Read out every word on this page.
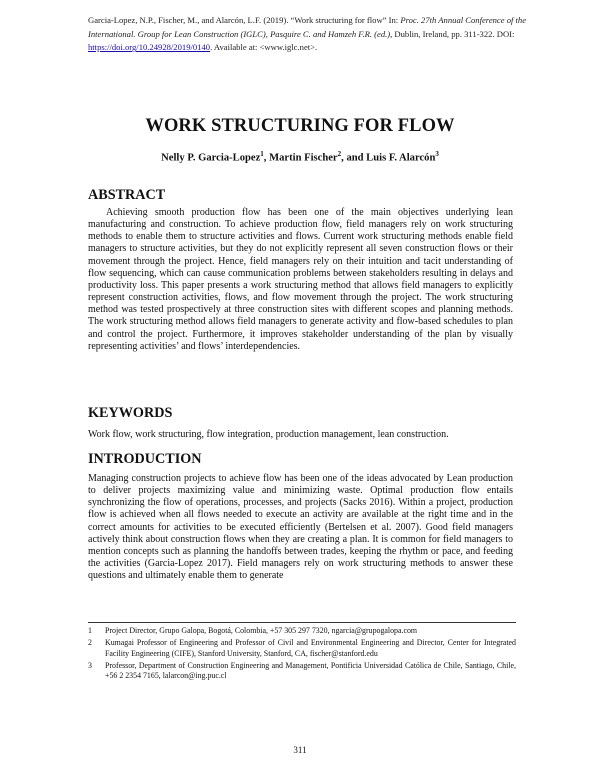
Garcia-Lopez, N.P., Fischer, M., and Alarcón, L.F. (2019). “Work structuring for flow” In: Proc. 27th Annual Conference of the International. Group for Lean Construction (IGLC), Pasquire C. and Hamzeh F.R. (ed.), Dublin, Ireland, pp. 311-322. DOI: https://doi.org/10.24928/2019/0140. Available at: <www.iglc.net>.
WORK STRUCTURING FOR FLOW
Nelly P. Garcia-Lopez$^1$, Martin Fischer$^2$, and Luis F. Alarcón$^3$
ABSTRACT
Achieving smooth production flow has been one of the main objectives underlying lean manufacturing and construction. To achieve production flow, field managers rely on work structuring methods to enable them to structure activities and flows. Current work structuring methods enable field managers to structure activities, but they do not explicitly represent all seven construction flows or their movement through the project. Hence, field managers rely on their intuition and tacit understanding of flow sequencing, which can cause communication problems between stakeholders resulting in delays and productivity loss. This paper presents a work structuring method that allows field managers to explicitly represent construction activities, flows, and flow movement through the project. The work structuring method was tested prospectively at three construction sites with different scopes and planning methods. The work structuring method allows field managers to generate activity and flow-based schedules to plan and control the project. Furthermore, it improves stakeholder understanding of the plan by visually representing activities’ and flows’ interdependencies.
KEYWORDS
Work flow, work structuring, flow integration, production management, lean construction.
INTRODUCTION
Managing construction projects to achieve flow has been one of the ideas advocated by Lean production to deliver projects maximizing value and minimizing waste. Optimal production flow entails synchronizing the flow of operations, processes, and projects (Sacks 2016). Within a project, production flow is achieved when all flows needed to execute an activity are available at the right time and in the correct amounts for activities to be executed efficiently (Bertelsen et al. 2007). Good field managers actively think about construction flows when they are creating a plan. It is common for field managers to mention concepts such as planning the handoffs between trades, keeping the rhythm or pace, and feeding the activities (Garcia-Lopez 2017). Field managers rely on work structuring methods to answer these questions and ultimately enable them to generate
1 Project Director, Grupo Galopa, Bogotá, Colombia, +57 305 297 7320, ngarcia@grupogalopa.com
2 Kumagai Professor of Engineering and Professor of Civil and Environmental Engineering and Director, Center for Integrated Facility Engineering (CIFE), Stanford University, Stanford, CA, fischer@stanford.edu
3 Professor, Department of Construction Engineering and Management, Pontificia Universidad Católica de Chile, Santiago, Chile, +56 2 2354 7165, lalarcon@ing.puc.cl
311
